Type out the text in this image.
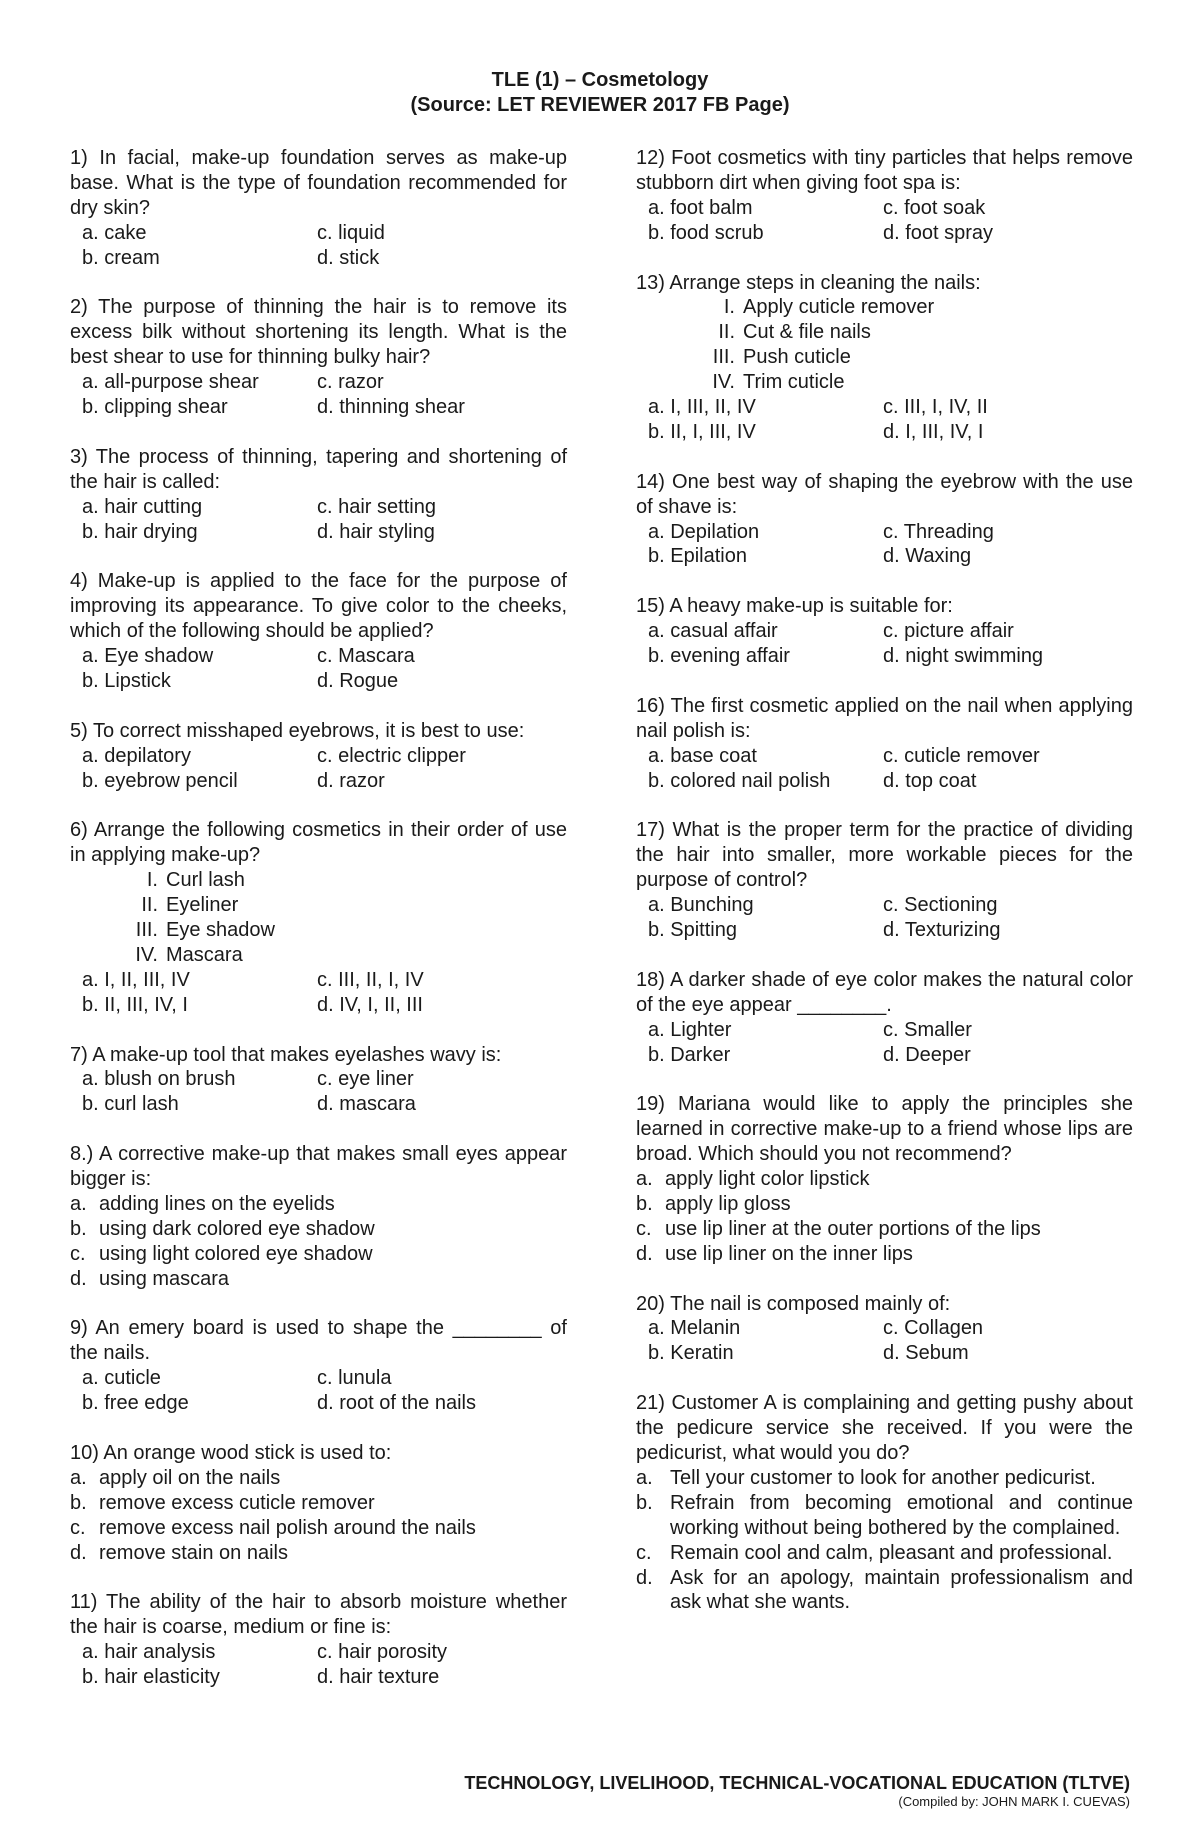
TLE (1) – Cosmetology
(Source: LET REVIEWER 2017 FB Page)
1) In facial, make-up foundation serves as make-up base. What is the type of foundation recommended for dry skin?
a. cake	c. liquid
b. cream	d. stick
2) The purpose of thinning the hair is to remove its excess bilk without shortening its length. What is the best shear to use for thinning bulky hair?
a. all-purpose shear	c. razor
b. clipping shear	d. thinning shear
3) The process of thinning, tapering and shortening of the hair is called:
a. hair cutting	c. hair setting
b. hair drying	d. hair styling
4) Make-up is applied to the face for the purpose of improving its appearance. To give color to the cheeks, which of the following should be applied?
a. Eye shadow	c. Mascara
b. Lipstick	d. Rogue
5) To correct misshaped eyebrows, it is best to use:
a. depilatory	c. electric clipper
b. eyebrow pencil	d. razor
6) Arrange the following cosmetics in their order of use in applying make-up?
I. Curl lash
II. Eyeliner
III. Eye shadow
IV. Mascara
a. I, II, III, IV	c. III, II, I, IV
b. II, III, IV, I	d. IV, I, II, III
7) A make-up tool that makes eyelashes wavy is:
a. blush on brush	c. eye liner
b. curl lash	d. mascara
8.) A corrective make-up that makes small eyes appear bigger is:
a. adding lines on the eyelids
b. using dark colored eye shadow
c. using light colored eye shadow
d. using mascara
9) An emery board is used to shape the ________ of the nails.
a. cuticle	c. lunula
b. free edge	d. root of the nails
10) An orange wood stick is used to:
a. apply oil on the nails
b. remove excess cuticle remover
c. remove excess nail polish around the nails
d. remove stain on nails
11) The ability of the hair to absorb moisture whether the hair is coarse, medium or fine is:
a. hair analysis	c. hair porosity
b. hair elasticity	d. hair texture
12) Foot cosmetics with tiny particles that helps remove stubborn dirt when giving foot spa is:
a. foot balm	c. foot soak
b. food scrub	d. foot spray
13) Arrange steps in cleaning the nails:
I. Apply cuticle remover
II. Cut & file nails
III. Push cuticle
IV. Trim cuticle
a. I, III, II, IV	c. III, I, IV, II
b. II, I, III, IV	d. I, III, IV, I
14) One best way of shaping the eyebrow with the use of shave is:
a. Depilation	c. Threading
b. Epilation	d. Waxing
15) A heavy make-up is suitable for:
a. casual affair	c. picture affair
b. evening affair	d. night swimming
16) The first cosmetic applied on the nail when applying nail polish is:
a. base coat	c. cuticle remover
b. colored nail polish	d. top coat
17) What is the proper term for the practice of dividing the hair into smaller, more workable pieces for the purpose of control?
a. Bunching	c. Sectioning
b. Spitting	d. Texturizing
18) A darker shade of eye color makes the natural color of the eye appear ________.
a. Lighter	c. Smaller
b. Darker	d. Deeper
19) Mariana would like to apply the principles she learned in corrective make-up to a friend whose lips are broad. Which should you not recommend?
a. apply light color lipstick
b. apply lip gloss
c. use lip liner at the outer portions of the lips
d. use lip liner on the inner lips
20) The nail is composed mainly of:
a. Melanin	c. Collagen
b. Keratin	d. Sebum
21) Customer A is complaining and getting pushy about the pedicure service she received. If you were the pedicurist, what would you do?
a. Tell your customer to look for another pedicurist.
b. Refrain from becoming emotional and continue working without being bothered by the complained.
c. Remain cool and calm, pleasant and professional.
d. Ask for an apology, maintain professionalism and ask what she wants.
TECHNOLOGY, LIVELIHOOD, TECHNICAL-VOCATIONAL EDUCATION (TLTVE)
(Compiled by: JOHN MARK I. CUEVAS)
